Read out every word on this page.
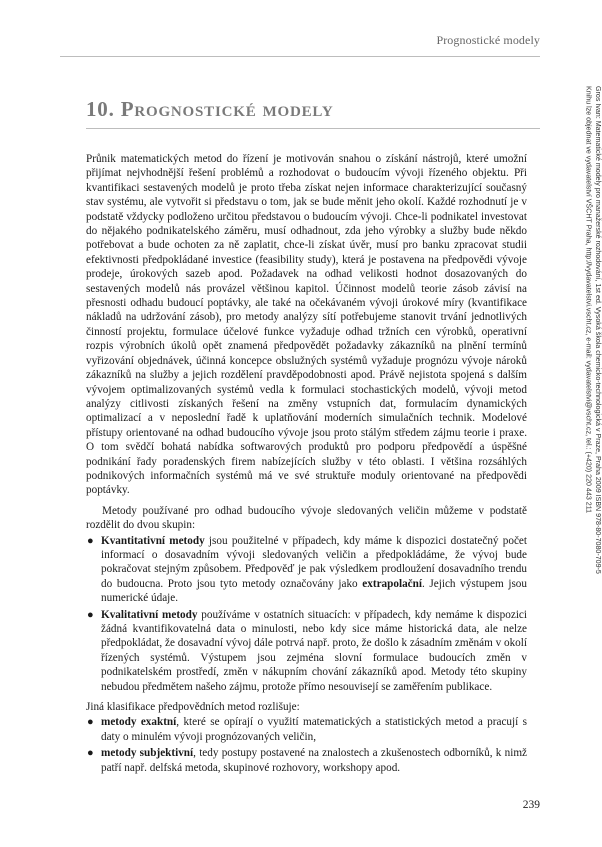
Prognostické modely
10. Prognostické modely	Gros Ivan: Matematické modely pro manažerské rozhodování, 1st ed. Vysoká škola chemicko-technologická v Praze, Praha 2009 ISBN 978-80-7080-709-5
Knihu lze objednat ve vydavatelství VŠCHT Praha, http://vydavatelstvi.vscht.cz, e-mail: vydavatelstvi@vscht.cz, tel.: (+420) 220 443 211

Průnik matematických metod do řízení je motivován snahou o získání nástrojů, které umožní přijímat nejvhodnější řešení problémů a rozhodovat o budoucím vývoji řízeného objektu. Při kvantifikaci sestavených modelů je proto třeba získat nejen informace charakterizující současný stav systému, ale vytvořit si představu o tom, jak se bude měnit jeho okolí. Každé rozhodnutí je v podstatě vždycky podloženo určitou představou o budoucím vývoji. Chce-li podnikatel investovat do nějakého podnikatelského záměru, musí odhadnout, zda jeho výrobky a služby bude někdo potřebovat a bude ochoten za ně zaplatit, chce-li získat úvěr, musí pro banku zpracovat studii efektivnosti předpokládané investice (feasibility study), která je postavena na předpovědi vývoje prodeje, úrokových sazeb apod. Požadavek na odhad velikosti hodnot dosazovaných do sestavených modelů nás provázel většinou kapitol. Účinnost modelů teorie zásob závisí na přesnosti odhadu budoucí poptávky, ale také na očekávaném vývoji úrokové míry (kvantifikace nákladů na udržování zásob), pro metody analýzy sítí potřebujeme stanovit trvání jednotlivých činností projektu, formulace účelové funkce vyžaduje odhad tržních cen výrobků, operativní rozpis výrobních úkolů opět znamená předpovědět požadavky zákazníků na plnění termínů vyřizování objednávek, účinná koncepce obslužných systémů vyžaduje prognózu vývoje nároků zákazníků na služby a jejich rozdělení pravděpodobnosti apod. Právě nejistota spojená s dalším vývojem optimalizovaných systémů vedla k formulaci stochastických modelů, vývoji metod analýzy citlivosti získaných řešení na změny vstupních dat, formulacím dynamických optimalizací a v neposlední řadě k uplatňování moderních simulačních technik. Modelové přístupy orientované na odhad budoucího vývoje jsou proto stálým středem zájmu teorie i praxe. O tom svědčí bohatá nabídka softwarových produktů pro podporu předpovědí a úspěšné podnikání řady poradenských firem nabízejících služby v této oblasti. I většina rozsáhlých podnikových informačních systémů má ve své struktuře moduly orientované na předpovědi poptávky.

Metody používané pro odhad budoucího vývoje sledovaných veličin můžeme v podstatě rozdělit do dvou skupin:

● Kvantitativní metody jsou použitelné v případech, kdy máme k dispozici dostatečný počet informací o dosavadním vývoji sledovaných veličin a předpokládáme, že vývoj bude pokračovat stejným způsobem. Předpověď je pak výsledkem prodloužení dosavadního trendu do budoucna. Proto jsou tyto metody označovány jako extrapolační. Jejich výstupem jsou numerické údaje.
● Kvalitativní metody používáme v ostatních situacích: v případech, kdy nemáme k dispozici žádná kvantifikovatelná data o minulosti, nebo kdy sice máme historická data, ale nelze předpokládat, že dosavadní vývoj dále potrvá např. proto, že došlo k zásadním změnám v okolí řízených systémů. Výstupem jsou zejména slovní formulace budoucích změn v podnikatelském prostředí, změn v nákupním chování zákazníků apod. Metody této skupiny nebudou předmětem našeho zájmu, protože přímo nesouvisejí se zaměřením publikace.

Jiná klasifikace předpovědních metod rozlišuje:

● metody exaktní, které se opírají o využití matematických a statistických metod a pracují s daty o minulém vývoji prognózovaných veličin,
● metody subjektivní, tedy postupy postavené na znalostech a zkušenostech odborníků, k nimž patří např. delfská metoda, skupinové rozhovory, workshopy apod.
239
